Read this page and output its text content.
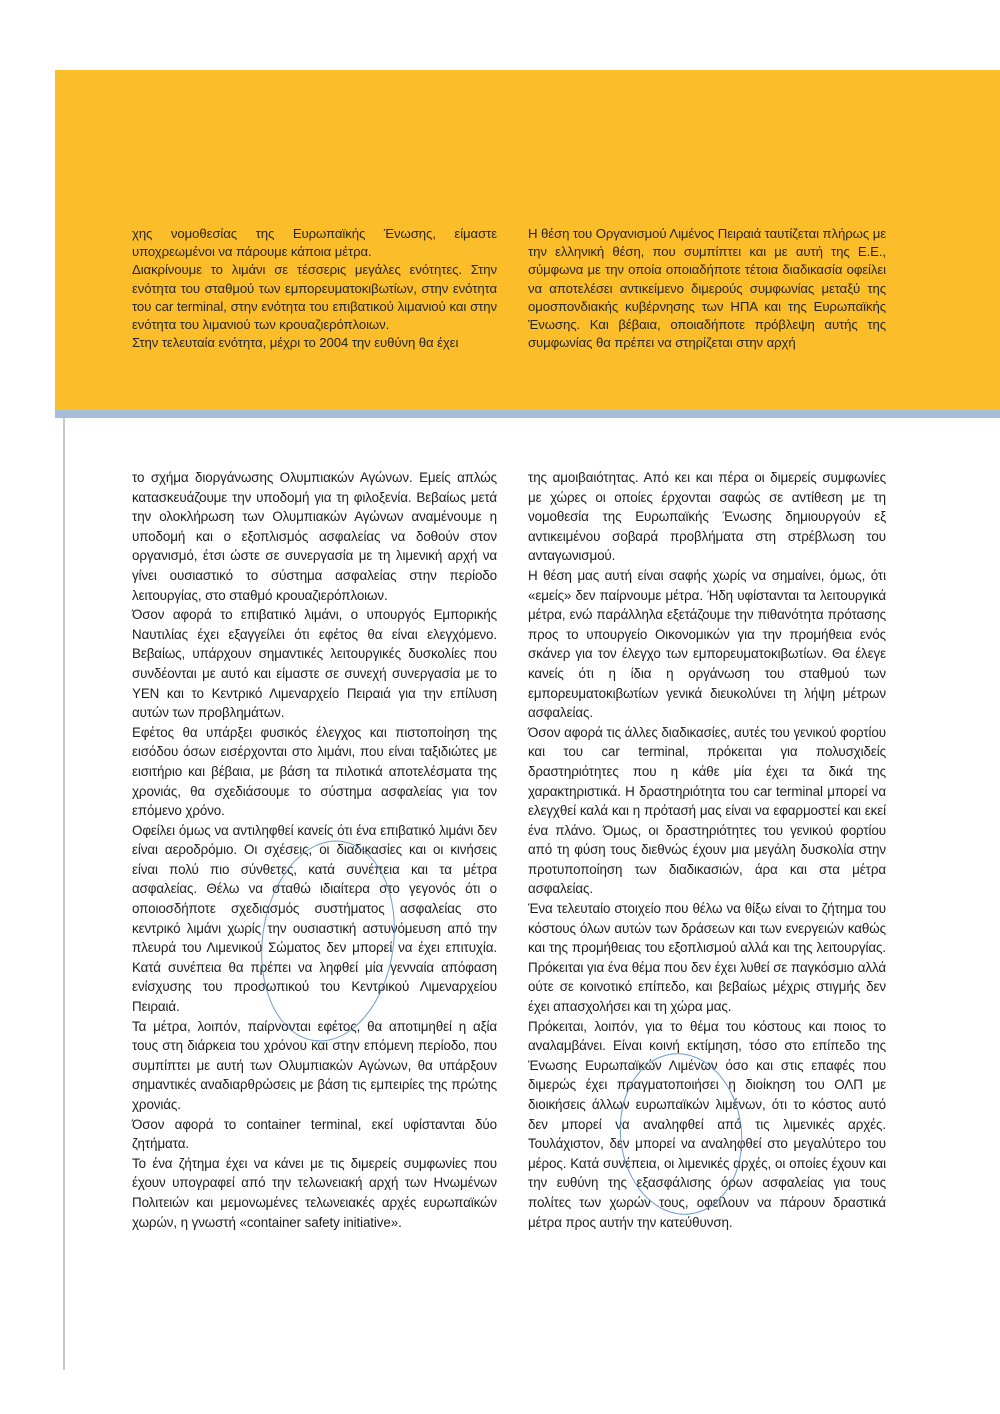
χης νομοθεσίας της Ευρωπαϊκής Ένωσης, είμαστε υποχρεωμένοι να πάρουμε κάποια μέτρα.

Διακρίνουμε το λιμάνι σε τέσσερις μεγάλες ενότητες. Στην ενότητα του σταθμού των εμπορευματοκιβωτίων, στην ενότητα του car terminal, στην ενότητα του επιβατικού λιμανιού και στην ενότητα του λιμανιού των κρουαζιερόπλοιων.

Στην τελευταία ενότητα, μέχρι το 2004 την ευθύνη θα έχει

Η θέση του Οργανισμού Λιμένος Πειραιά ταυτίζεται πλήρως με την ελληνική θέση, που συμπίπτει και με αυτή της Ε.Ε., σύμφωνα με την οποία οποιαδήποτε τέτοια διαδικασία οφείλει να αποτελέσει αντικείμενο διμερούς συμφωνίας μεταξύ της ομοσπονδιακής κυβέρνησης των ΗΠΑ και της Ευρωπαϊκής Ένωσης. Και βέβαια, οποιαδήποτε πρόβλεψη αυτής της συμφωνίας θα πρέπει να στηρίζεται στην αρχή

το σχήμα διοργάνωσης Ολυμπιακών Αγώνων. Εμείς απλώς κατασκευάζουμε την υποδομή για τη φιλοξενία. Βεβαίως μετά την ολοκλήρωση των Ολυμπιακών Αγώνων αναμένουμε η υποδομή και ο εξοπλισμός ασφαλείας να δοθούν στον οργανισμό, έτσι ώστε σε συνεργασία με τη λιμενική αρχή να γίνει ουσιαστικό το σύστημα ασφαλείας στην περίοδο λειτουργίας, στο σταθμό κρουαζιερόπλοιων.

Όσον αφορά το επιβατικό λιμάνι, ο υπουργός Εμπορικής Ναυτιλίας έχει εξαγγείλει ότι εφέτος θα είναι ελεγχόμενο. Βεβαίως, υπάρχουν σημαντικές λειτουργικές δυσκολίες που συνδέονται με αυτό και είμαστε σε συνεχή συνεργασία με το ΥΕΝ και το Κεντρικό Λιμεναρχείο Πειραιά για την επίλυση αυτών των προβλημάτων.

Εφέτος θα υπάρξει φυσικός έλεγχος και πιστοποίηση της εισόδου όσων εισέρχονται στο λιμάνι, που είναι ταξιδιώτες με εισιτήριο και βέβαια, με βάση τα πιλοτικά αποτελέσματα της χρονιάς, θα σχεδιάσουμε το σύστημα ασφαλείας για τον επόμενο χρόνο.

Οφείλει όμως να αντιληφθεί κανείς ότι ένα επιβατικό λιμάνι δεν είναι αεροδρόμιο. Οι σχέσεις, οι διαδικασίες και οι κινήσεις είναι πολύ πιο σύνθετες, κατά συνέπεια και τα μέτρα ασφαλείας. Θέλω να σταθώ ιδιαίτερα στο γεγονός ότι ο οποιοσδήποτε σχεδιασμός συστήματος ασφαλείας στο κεντρικό λιμάνι χωρίς την ουσιαστική αστυνόμευση από την πλευρά του Λιμενικού Σώματος δεν μπορεί να έχει επιτυχία. Κατά συνέπεια θα πρέπει να ληφθεί μία γενναία απόφαση ενίσχυσης του προσωπικού του Κεντρικού Λιμεναρχείου Πειραιά.

Τα μέτρα, λοιπόν, παίρνονται εφέτος, θα αποτιμηθεί η αξία τους στη διάρκεια του χρόνου και στην επόμενη περίοδο, που συμπίπτει με αυτή των Ολυμπιακών Αγώνων, θα υπάρξουν σημαντικές αναδιαρθρώσεις με βάση τις εμπειρίες της πρώτης χρονιάς.

Όσον αφορά το container terminal, εκεί υφίστανται δύο ζητήματα.

Το ένα ζήτημα έχει να κάνει με τις διμερείς συμφωνίες που έχουν υπογραφεί από την τελωνειακή αρχή των Ηνωμένων Πολιτειών και μεμονωμένες τελωνειακές αρχές ευρωπαϊκών χωρών, η γνωστή «container safety initiative».

της αμοιβαιότητας. Από κει και πέρα οι διμερείς συμφωνίες με χώρες οι οποίες έρχονται σαφώς σε αντίθεση με τη νομοθεσία της Ευρωπαϊκής Ένωσης δημιουργούν εξ αντικειμένου σοβαρά προβλήματα στη στρέβλωση του ανταγωνισμού.

Η θέση μας αυτή είναι σαφής χωρίς να σημαίνει, όμως, ότι «εμείς» δεν παίρνουμε μέτρα. Ήδη υφίστανται τα λειτουργικά μέτρα, ενώ παράλληλα εξετάζουμε την πιθανότητα πρότασης προς το υπουργείο Οικονομικών για την προμήθεια ενός σκάνερ για τον έλεγχο των εμπορευματοκιβωτίων. Θα έλεγε κανείς ότι η ίδια η οργάνωση του σταθμού των εμπορευματοκιβωτίων γενικά διευκολύνει τη λήψη μέτρων ασφαλείας.

Όσον αφορά τις άλλες διαδικασίες, αυτές του γενικού φορτίου και του car terminal, πρόκειται για πολυσχιδείς δραστηριότητες που η κάθε μία έχει τα δικά της χαρακτηριστικά. Η δραστηριότητα του car terminal μπορεί να ελεγχθεί καλά και η πρότασή μας είναι να εφαρμοστεί και εκεί ένα πλάνο. Όμως, οι δραστηριότητες του γενικού φορτίου από τη φύση τους διεθνώς έχουν μια μεγάλη δυσκολία στην προτυποποίηση των διαδικασιών, άρα και στα μέτρα ασφαλείας.

Ένα τελευταίο στοιχείο που θέλω να θίξω είναι το ζήτημα του κόστους όλων αυτών των δράσεων και των ενεργειών καθώς και της προμήθειας του εξοπλισμού αλλά και της λειτουργίας. Πρόκειται για ένα θέμα που δεν έχει λυθεί σε παγκόσμιο αλλά ούτε σε κοινοτικό επίπεδο, και βεβαίως μέχρις στιγμής δεν έχει απασχολήσει και τη χώρα μας.

Πρόκειται, λοιπόν, για το θέμα του κόστους και ποιος το αναλαμβάνει. Είναι κοινή εκτίμηση, τόσο στο επίπεδο της Ένωσης Ευρωπαϊκών Λιμένων όσο και στις επαφές που διμερώς έχει πραγματοποιήσει η διοίκηση του ΟΛΠ με διοικήσεις άλλων ευρωπαϊκών λιμένων, ότι το κόστος αυτό δεν μπορεί να αναληφθεί από τις λιμενικές αρχές. Τουλάχιστον, δεν μπορεί να αναληφθεί στο μεγαλύτερο του μέρος. Κατά συνέπεια, οι λιμενικές αρχές, οι οποίες έχουν και την ευθύνη της εξασφάλισης όρων ασφαλείας για τους πολίτες των χωρών τους, οφείλουν να πάρουν δραστικά μέτρα προς αυτήν την κατεύθυνση.
